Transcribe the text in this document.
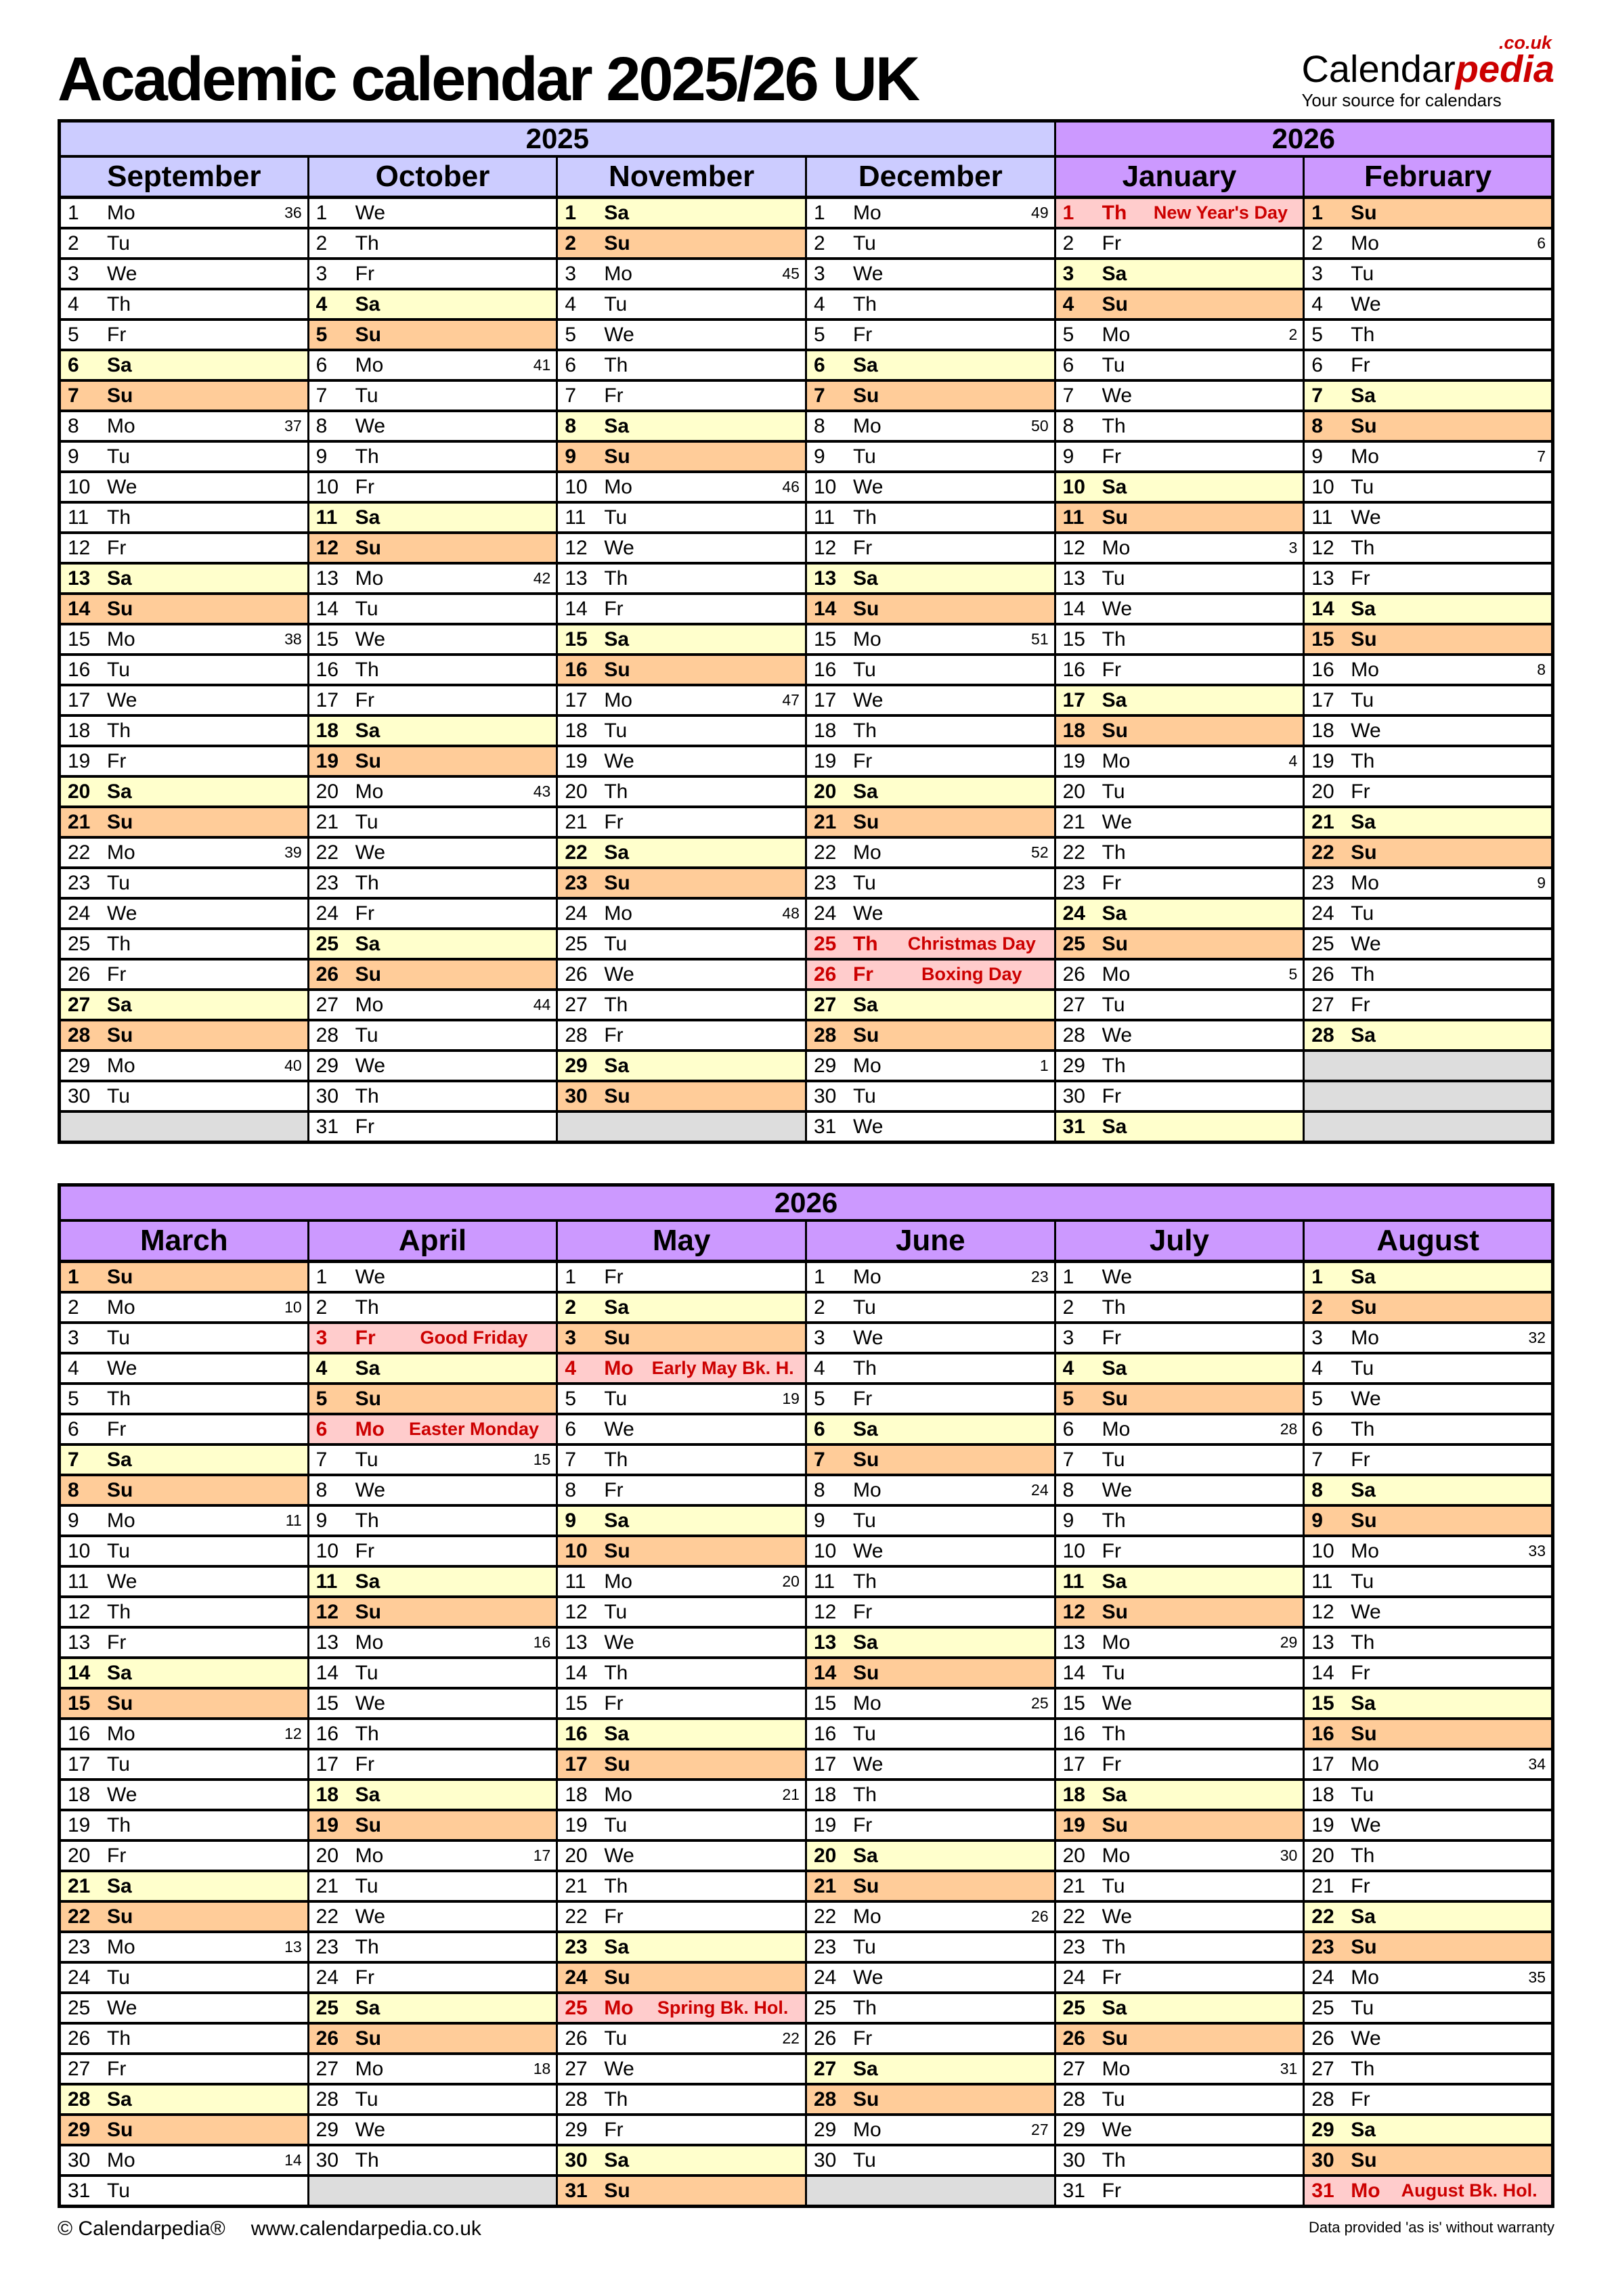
Academic calendar 2025/26 UK
.co.uk
Calendarpedia
Your source for calendars
2025				2026	
September	October	November	December	January	February

1 Mo 36	1 We	1 Sa	1 Mo 49	1 Th New Year's Day	1 Su

2 Tu	2 Th	2 Su	2 Tu	2 Fr	2 Mo 6

3 We	3 Fr	3 Mo 45	3 We	3 Sa	3 Tu

4 Th	4 Sa	4 Tu	4 Th	4 Su	4 We

5 Fr	5 Su	5 We	5 Fr	5 Mo 2	5 Th

6 Sa	6 Mo 41	6 Th	6 Sa	6 Tu	6 Fr

7 Su	7 Tu	7 Fr	7 Su	7 We	7 Sa

8 Mo 37	8 We	8 Sa	8 Mo 50	8 Th	8 Su

9 Tu	9 Th	9 Su	9 Tu	9 Fr	9 Mo 7

10 We	10 Fr	10 Mo 46	10 We	10 Sa	10 Tu

11 Th	11 Sa	11 Tu	11 Th	11 Su	11 We

12 Fr	12 Su	12 We	12 Fr	12 Mo 3	12 Th

13 Sa	13 Mo 42	13 Th	13 Sa	13 Tu	13 Fr

14 Su	14 Tu	14 Fr	14 Su	14 We	14 Sa

15 Mo 38	15 We	15 Sa	15 Mo 51	15 Th	15 Su

16 Tu	16 Th	16 Su	16 Tu	16 Fr	16 Mo 8

17 We	17 Fr	17 Mo 47	17 We	17 Sa	17 Tu

18 Th	18 Sa	18 Tu	18 Th	18 Su	18 We

19 Fr	19 Su	19 We	19 Fr	19 Mo 4	19 Th

20 Sa	20 Mo 43	20 Th	20 Sa	20 Tu	20 Fr

21 Su	21 Tu	21 Fr	21 Su	21 We	21 Sa

22 Mo 39	22 We	22 Sa	22 Mo 52	22 Th	22 Su

23 Tu	23 Th	23 Su	23 Tu	23 Fr	23 Mo 9

24 We	24 Fr	24 Mo 48	24 We	24 Sa	24 Tu

25 Th	25 Sa	25 Tu	25 Th Christmas Day	25 Su	25 We

26 Fr	26 Su	26 We	26 Fr Boxing Day	26 Mo 5	26 Th

27 Sa	27 Mo 44	27 Th	27 Sa	27 Tu	27 Fr

28 Su	28 Tu	28 Fr	28 Su	28 We	28 Sa

29 Mo 40	29 We	29 Sa	29 Mo 1	29 Th	

30 Tu	30 Th	30 Su	30 Tu	30 Fr	

	31 Fr		31 We	31 Sa	

2026					
March	April	May	June	July	August

1 Su	1 We	1 Fr	1 Mo 23	1 We	1 Sa

2 Mo 10	2 Th	2 Sa	2 Tu	2 Th	2 Su

3 Tu	3 Fr Good Friday	3 Su	3 We	3 Fr	3 Mo 32

4 We	4 Sa	4 Mo Early May Bk. H.	4 Th	4 Sa	4 Tu

5 Th	5 Su	5 Tu 19	5 Fr	5 Su	5 We

6 Fr	6 Mo Easter Monday	6 We	6 Sa	6 Mo 28	6 Th

7 Sa	7 Tu 15	7 Th	7 Su	7 Tu	7 Fr

8 Su	8 We	8 Fr	8 Mo 24	8 We	8 Sa

9 Mo 11	9 Th	9 Sa	9 Tu	9 Th	9 Su

10 Tu	10 Fr	10 Su	10 We	10 Fr	10 Mo 33

11 We	11 Sa	11 Mo 20	11 Th	11 Sa	11 Tu

12 Th	12 Su	12 Tu	12 Fr	12 Su	12 We

13 Fr	13 Mo 16	13 We	13 Sa	13 Mo 29	13 Th

14 Sa	14 Tu	14 Th	14 Su	14 Tu	14 Fr

15 Su	15 We	15 Fr	15 Mo 25	15 We	15 Sa

16 Mo 12	16 Th	16 Sa	16 Tu	16 Th	16 Su

17 Tu	17 Fr	17 Su	17 We	17 Fr	17 Mo 34

18 We	18 Sa	18 Mo 21	18 Th	18 Sa	18 Tu

19 Th	19 Su	19 Tu	19 Fr	19 Su	19 We

20 Fr	20 Mo 17	20 We	20 Sa	20 Mo 30	20 Th

21 Sa	21 Tu	21 Th	21 Su	21 Tu	21 Fr

22 Su	22 We	22 Fr	22 Mo 26	22 We	22 Sa

23 Mo 13	23 Th	23 Sa	23 Tu	23 Th	23 Su

24 Tu	24 Fr	24 Su	24 We	24 Fr	24 Mo 35

25 We	25 Sa	25 Mo Spring Bk. Hol.	25 Th	25 Sa	25 Tu

26 Th	26 Su	26 Tu 22	26 Fr	26 Su	26 We

27 Fr	27 Mo 18	27 We	27 Sa	27 Mo 31	27 Th

28 Sa	28 Tu	28 Th	28 Su	28 Tu	28 Fr

29 Su	29 We	29 Fr	29 Mo 27	29 We	29 Sa

30 Mo 14	30 Th	30 Sa	30 Tu	30 Th	30 Su

31 Tu		31 Su		31 Fr	31 Mo August Bk. Hol.
© Calendarpedia® www.calendarpedia.co.uk	Data provided 'as is' without warranty
